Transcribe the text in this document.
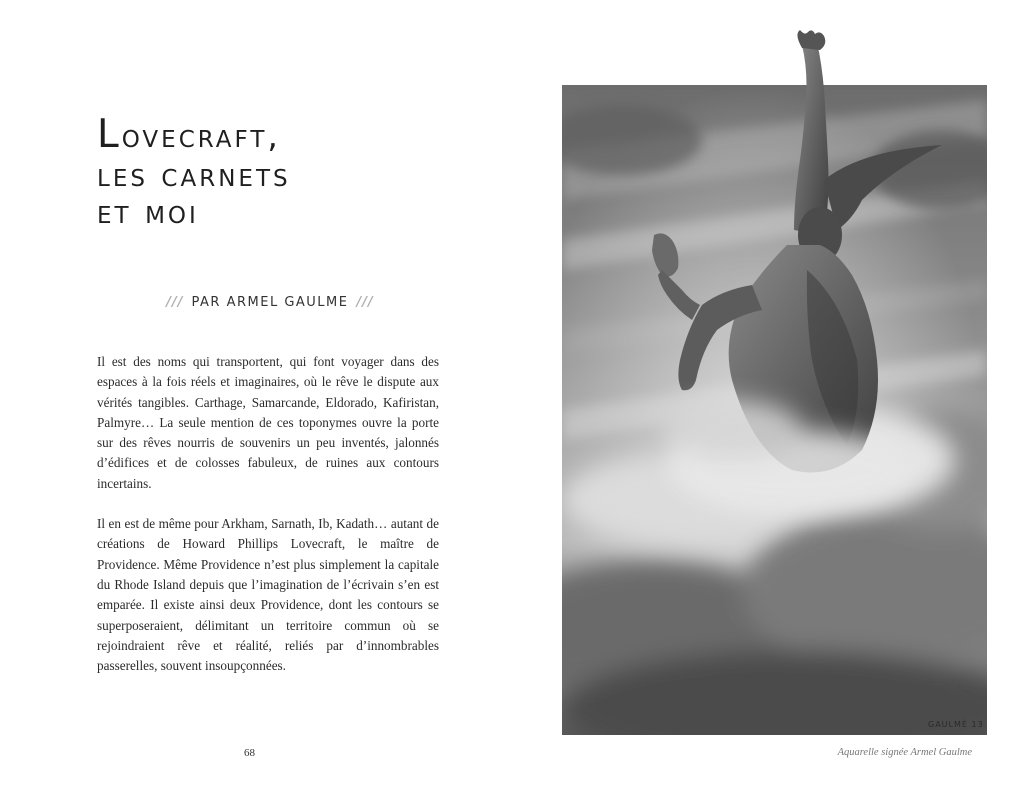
Lovecraft,
les carnets
et moi
/// PAR ARMEL GAULME ///

Il est des noms qui transportent, qui font voyager dans des espaces à la fois réels et imaginaires, où le rêve le dispute aux vérités tangibles. Carthage, Samarcande, Eldorado, Kafiristan, Palmyre… La seule mention de ces toponymes ouvre la porte sur des rêves nourris de souvenirs un peu inventés, jalonnés d’édifices et de colosses fabuleux, de ruines aux contours incertains.

Il en est de même pour Arkham, Sarnath, Ib, Kadath… autant de créations de Howard Phillips Lovecraft, le maître de Providence. Même Providence n’est plus simplement la capitale du Rhode Island depuis que l’imagination de l’écrivain s’en est emparée. Il existe ainsi deux Providence, dont les contours se superposeraient, délimitant un territoire commun où se rejoindraient rêve et réalité, reliés par d’innombrables passerelles, souvent insoupçonnées.

68
GAULMÉ 13
Aquarelle signée Armel Gaulme
